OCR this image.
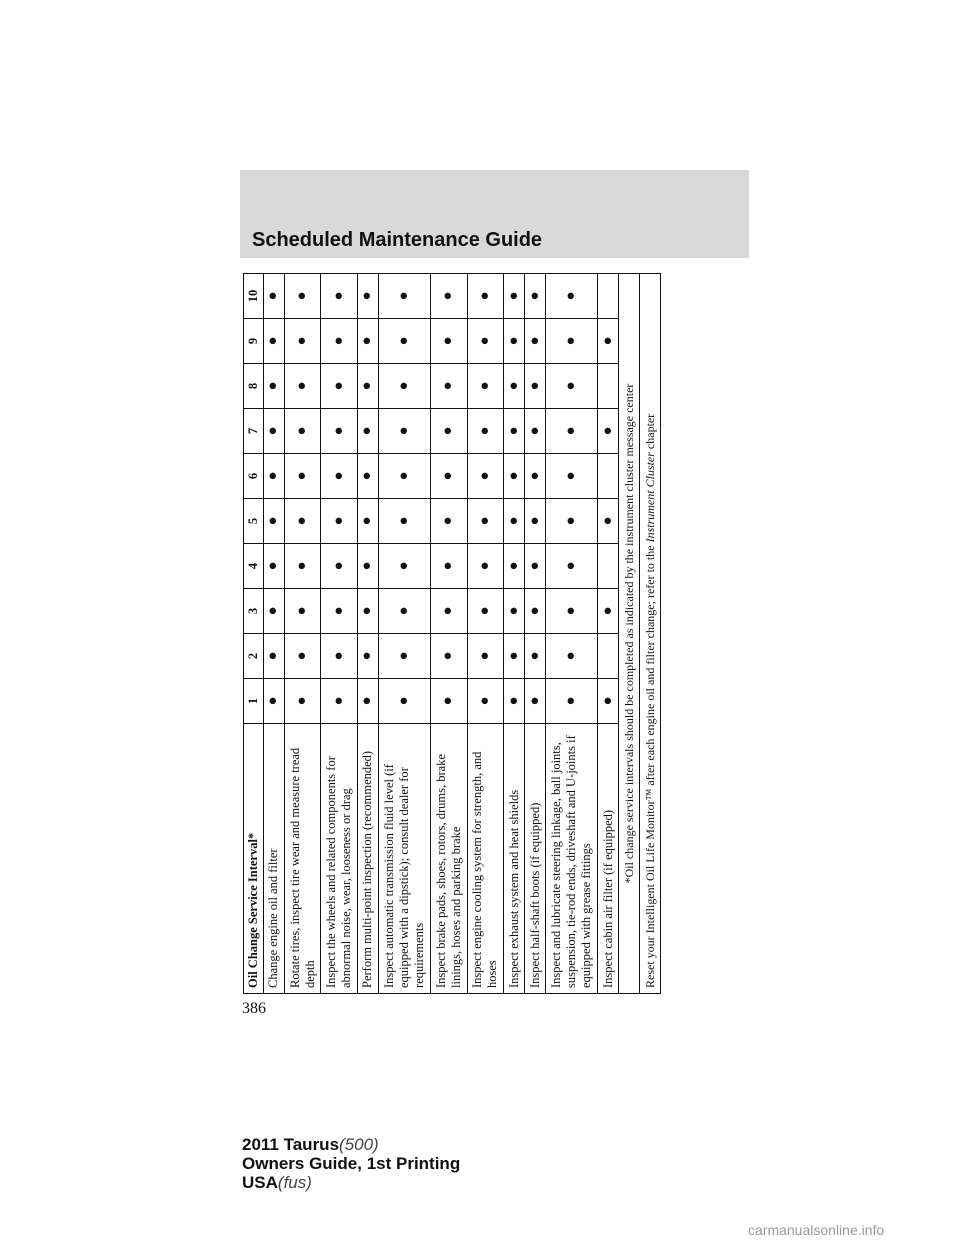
Scheduled Maintenance Guide
Oil Change Service Interval*	1	2	3	4	5	6	7	8	9	10
Change engine oil and filter	●	●	●	●	●	●	●	●	●	●
Rotate tires, inspect tire wear and measure tread depth	●	●	●	●	●	●	●	●	●	●
Inspect the wheels and related components for abnormal noise, wear, looseness or drag	●	●	●	●	●	●	●	●	●	●
Perform multi-point inspection (recommended)	●	●	●	●	●	●	●	●	●	●
Inspect automatic transmission fluid level (if equipped with a dipstick); consult dealer for requirements	●	●	●	●	●	●	●	●	●	●
Inspect brake pads, shoes, rotors, drums, brake linings, hoses and parking brake	●	●	●	●	●	●	●	●	●	●
Inspect engine cooling system for strength, and hoses	●	●	●	●	●	●	●	●	●	●
Inspect exhaust system and heat shields	●	●	●	●	●	●	●	●	●	●
Inspect half-shaft boots (if equipped)	●	●	●	●	●	●	●	●	●	●
Inspect and lubricate steering linkage, ball joints, suspension, tie-rod ends, driveshaft and U-joints if equipped with grease fittings	●	●	●	●	●	●	●	●	●	●
Inspect cabin air filter (if equipped)	●		●		●		●		●	
*Oil change service intervals should be completed as indicated by the instrument cluster message center										
Reset your Intelligent Oil Life Monitor™ after each engine oil and filter change; refer to the Instrument Cluster chapter										
386
2011 Taurus(500)
Owners Guide, 1st Printing
USA(fus)
carmanualsonline.info
